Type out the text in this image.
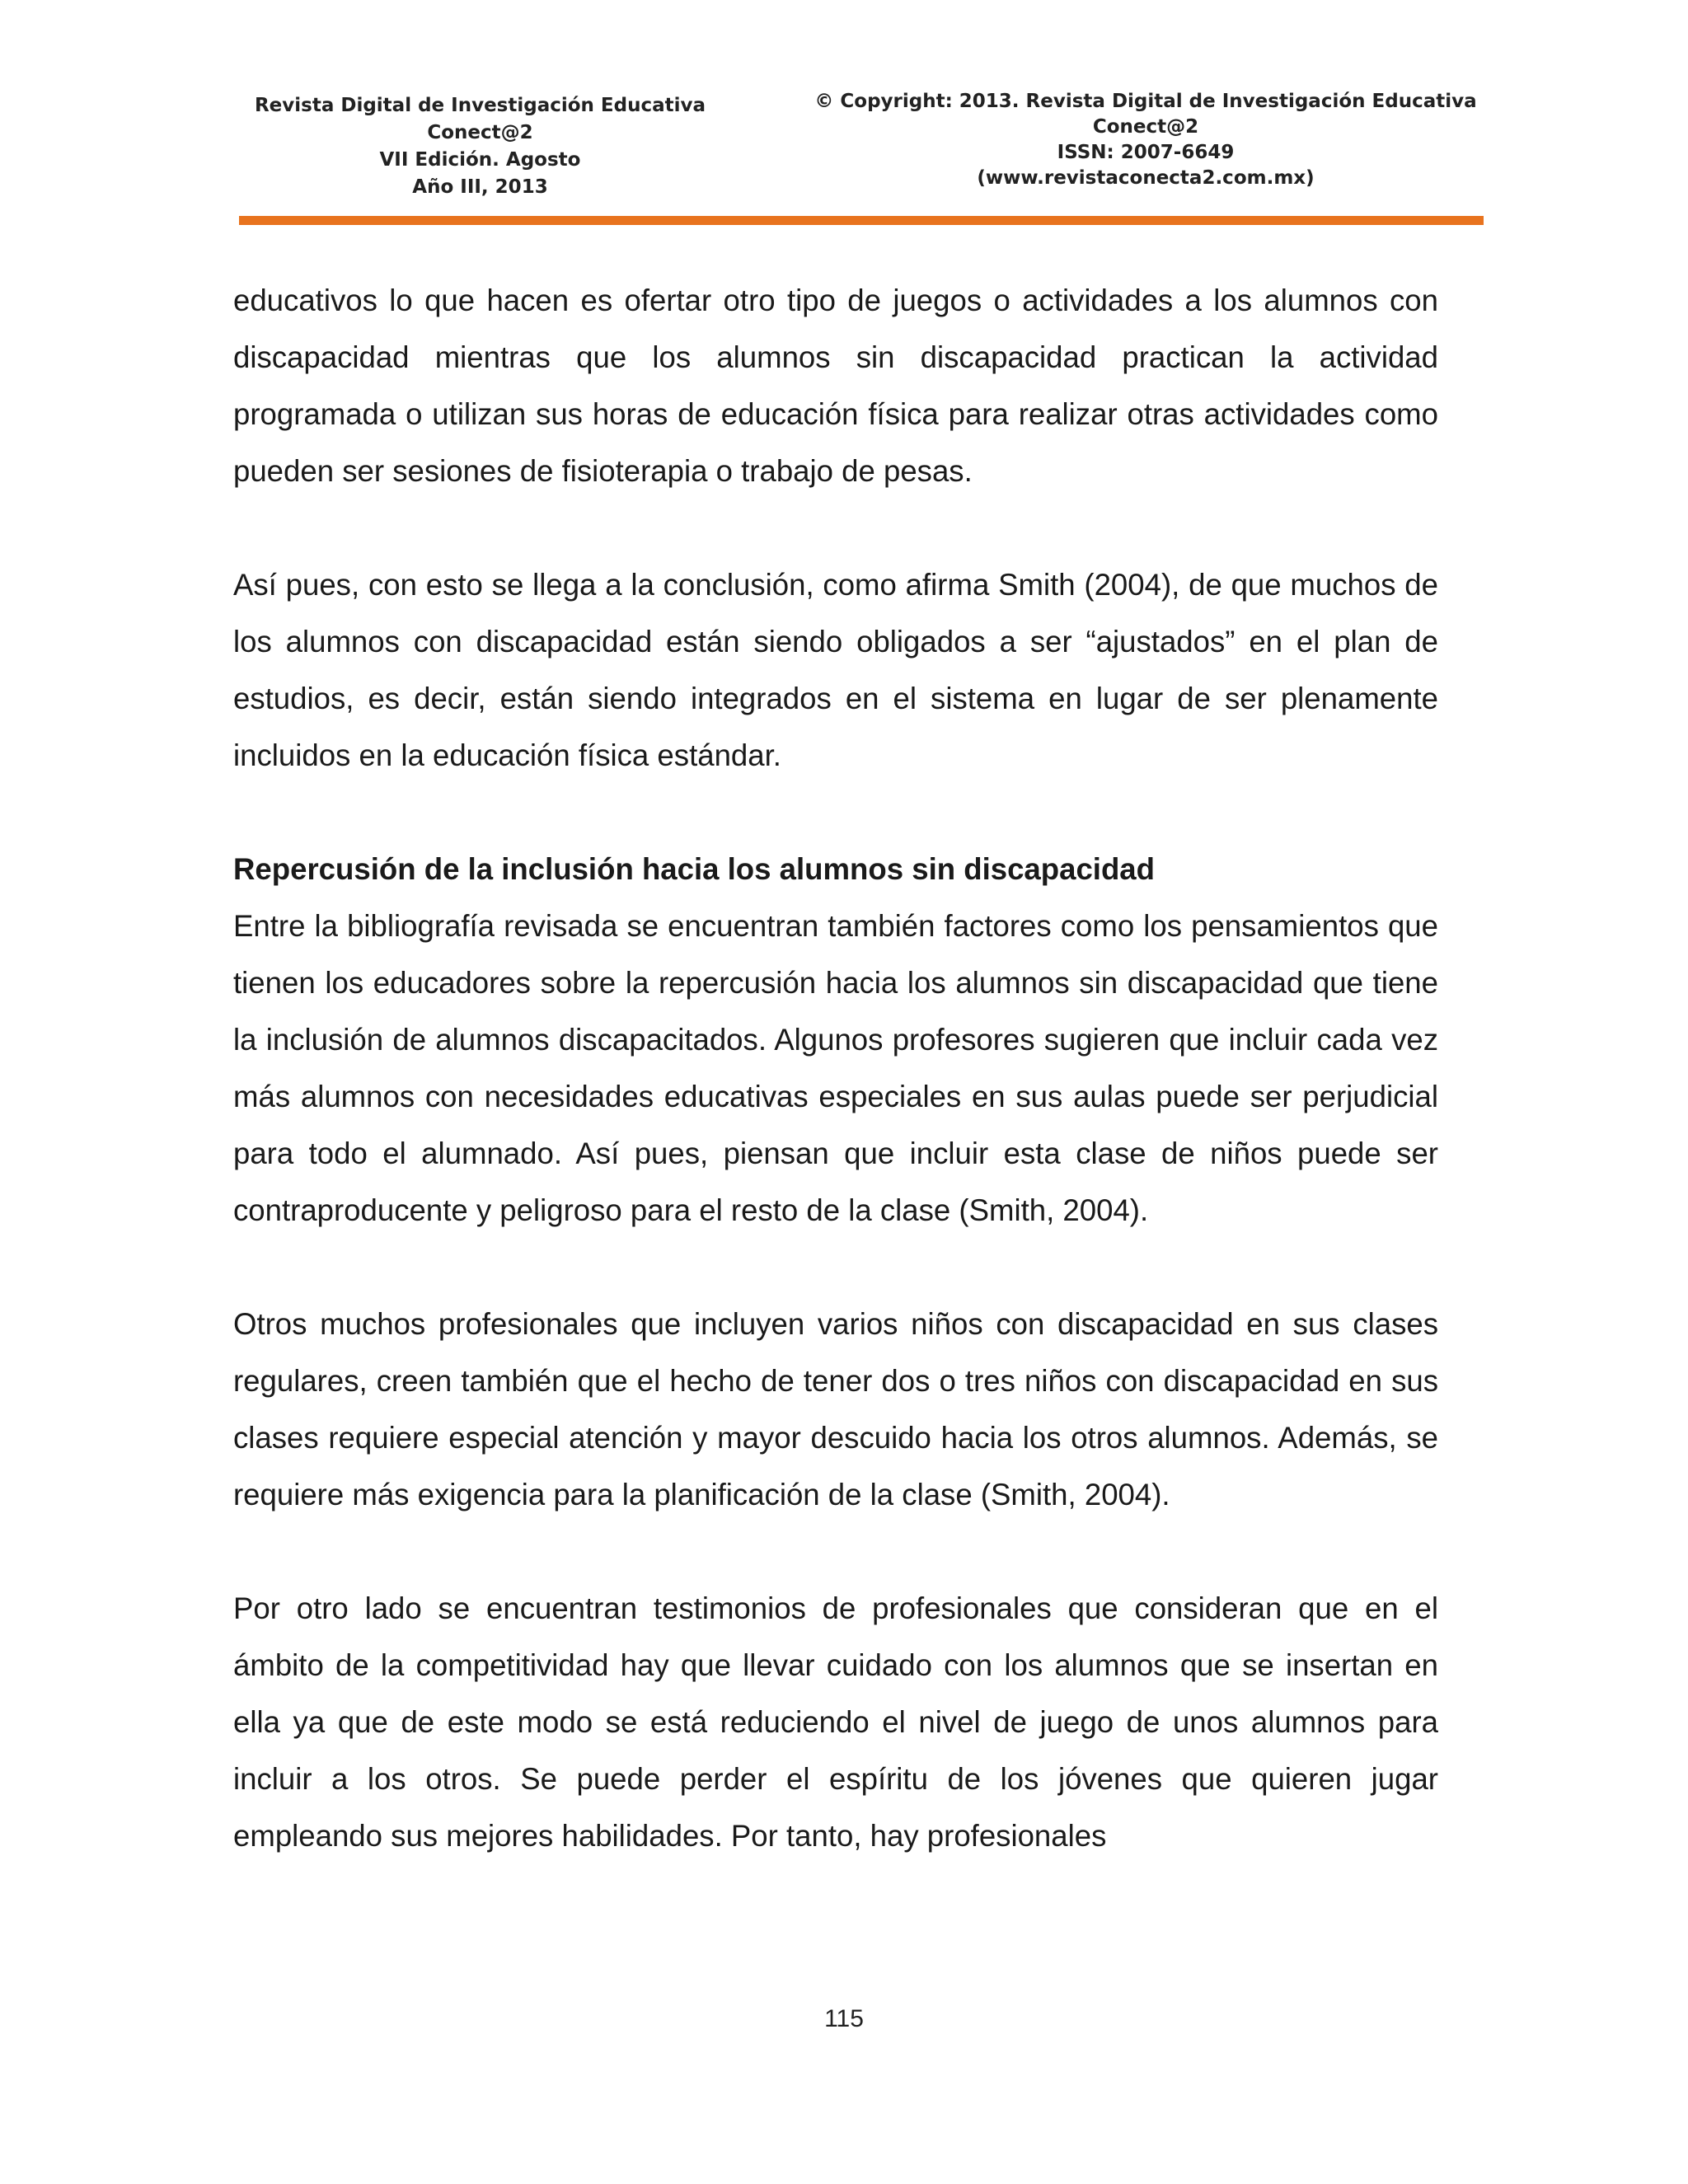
Revista Digital de Investigación Educativa
Conect@2
VII Edición. Agosto
Año III, 2013
© Copyright: 2013. Revista Digital de Investigación Educativa
Conect@2
ISSN: 2007-6649
(www.revistaconecta2.com.mx)

educativos lo que hacen es ofertar otro tipo de juegos o actividades a los alumnos con discapacidad mientras que los alumnos sin discapacidad practican la actividad programada o utilizan sus horas de educación física para realizar otras actividades como pueden ser sesiones de fisioterapia o trabajo de pesas.

Así pues, con esto se llega a la conclusión, como afirma Smith (2004), de que muchos de los alumnos con discapacidad están siendo obligados a ser “ajustados” en el plan de estudios, es decir, están siendo integrados en el sistema en lugar de ser plenamente incluidos en la educación física estándar.

Repercusión de la inclusión hacia los alumnos sin discapacidad

Entre la bibliografía revisada se encuentran también factores como los pensamientos que tienen los educadores sobre la repercusión hacia los alumnos sin discapacidad que tiene la inclusión de alumnos discapacitados. Algunos profesores sugieren que incluir cada vez más alumnos con necesidades educativas especiales en sus aulas puede ser perjudicial para todo el alumnado. Así pues, piensan que incluir esta clase de niños puede ser contraproducente y peligroso para el resto de la clase (Smith, 2004).

Otros muchos profesionales que incluyen varios niños con discapacidad en sus clases regulares, creen también que el hecho de tener dos o tres niños con discapacidad en sus clases requiere especial atención y mayor descuido hacia los otros alumnos. Además, se requiere más exigencia para la planificación de la clase (Smith, 2004).

Por otro lado se encuentran testimonios de profesionales que consideran que en el ámbito de la competitividad hay que llevar cuidado con los alumnos que se insertan en ella ya que de este modo se está reduciendo el nivel de juego de unos alumnos para incluir a los otros. Se puede perder el espíritu de los jóvenes que quieren jugar empleando sus mejores habilidades. Por tanto, hay profesionales

115
